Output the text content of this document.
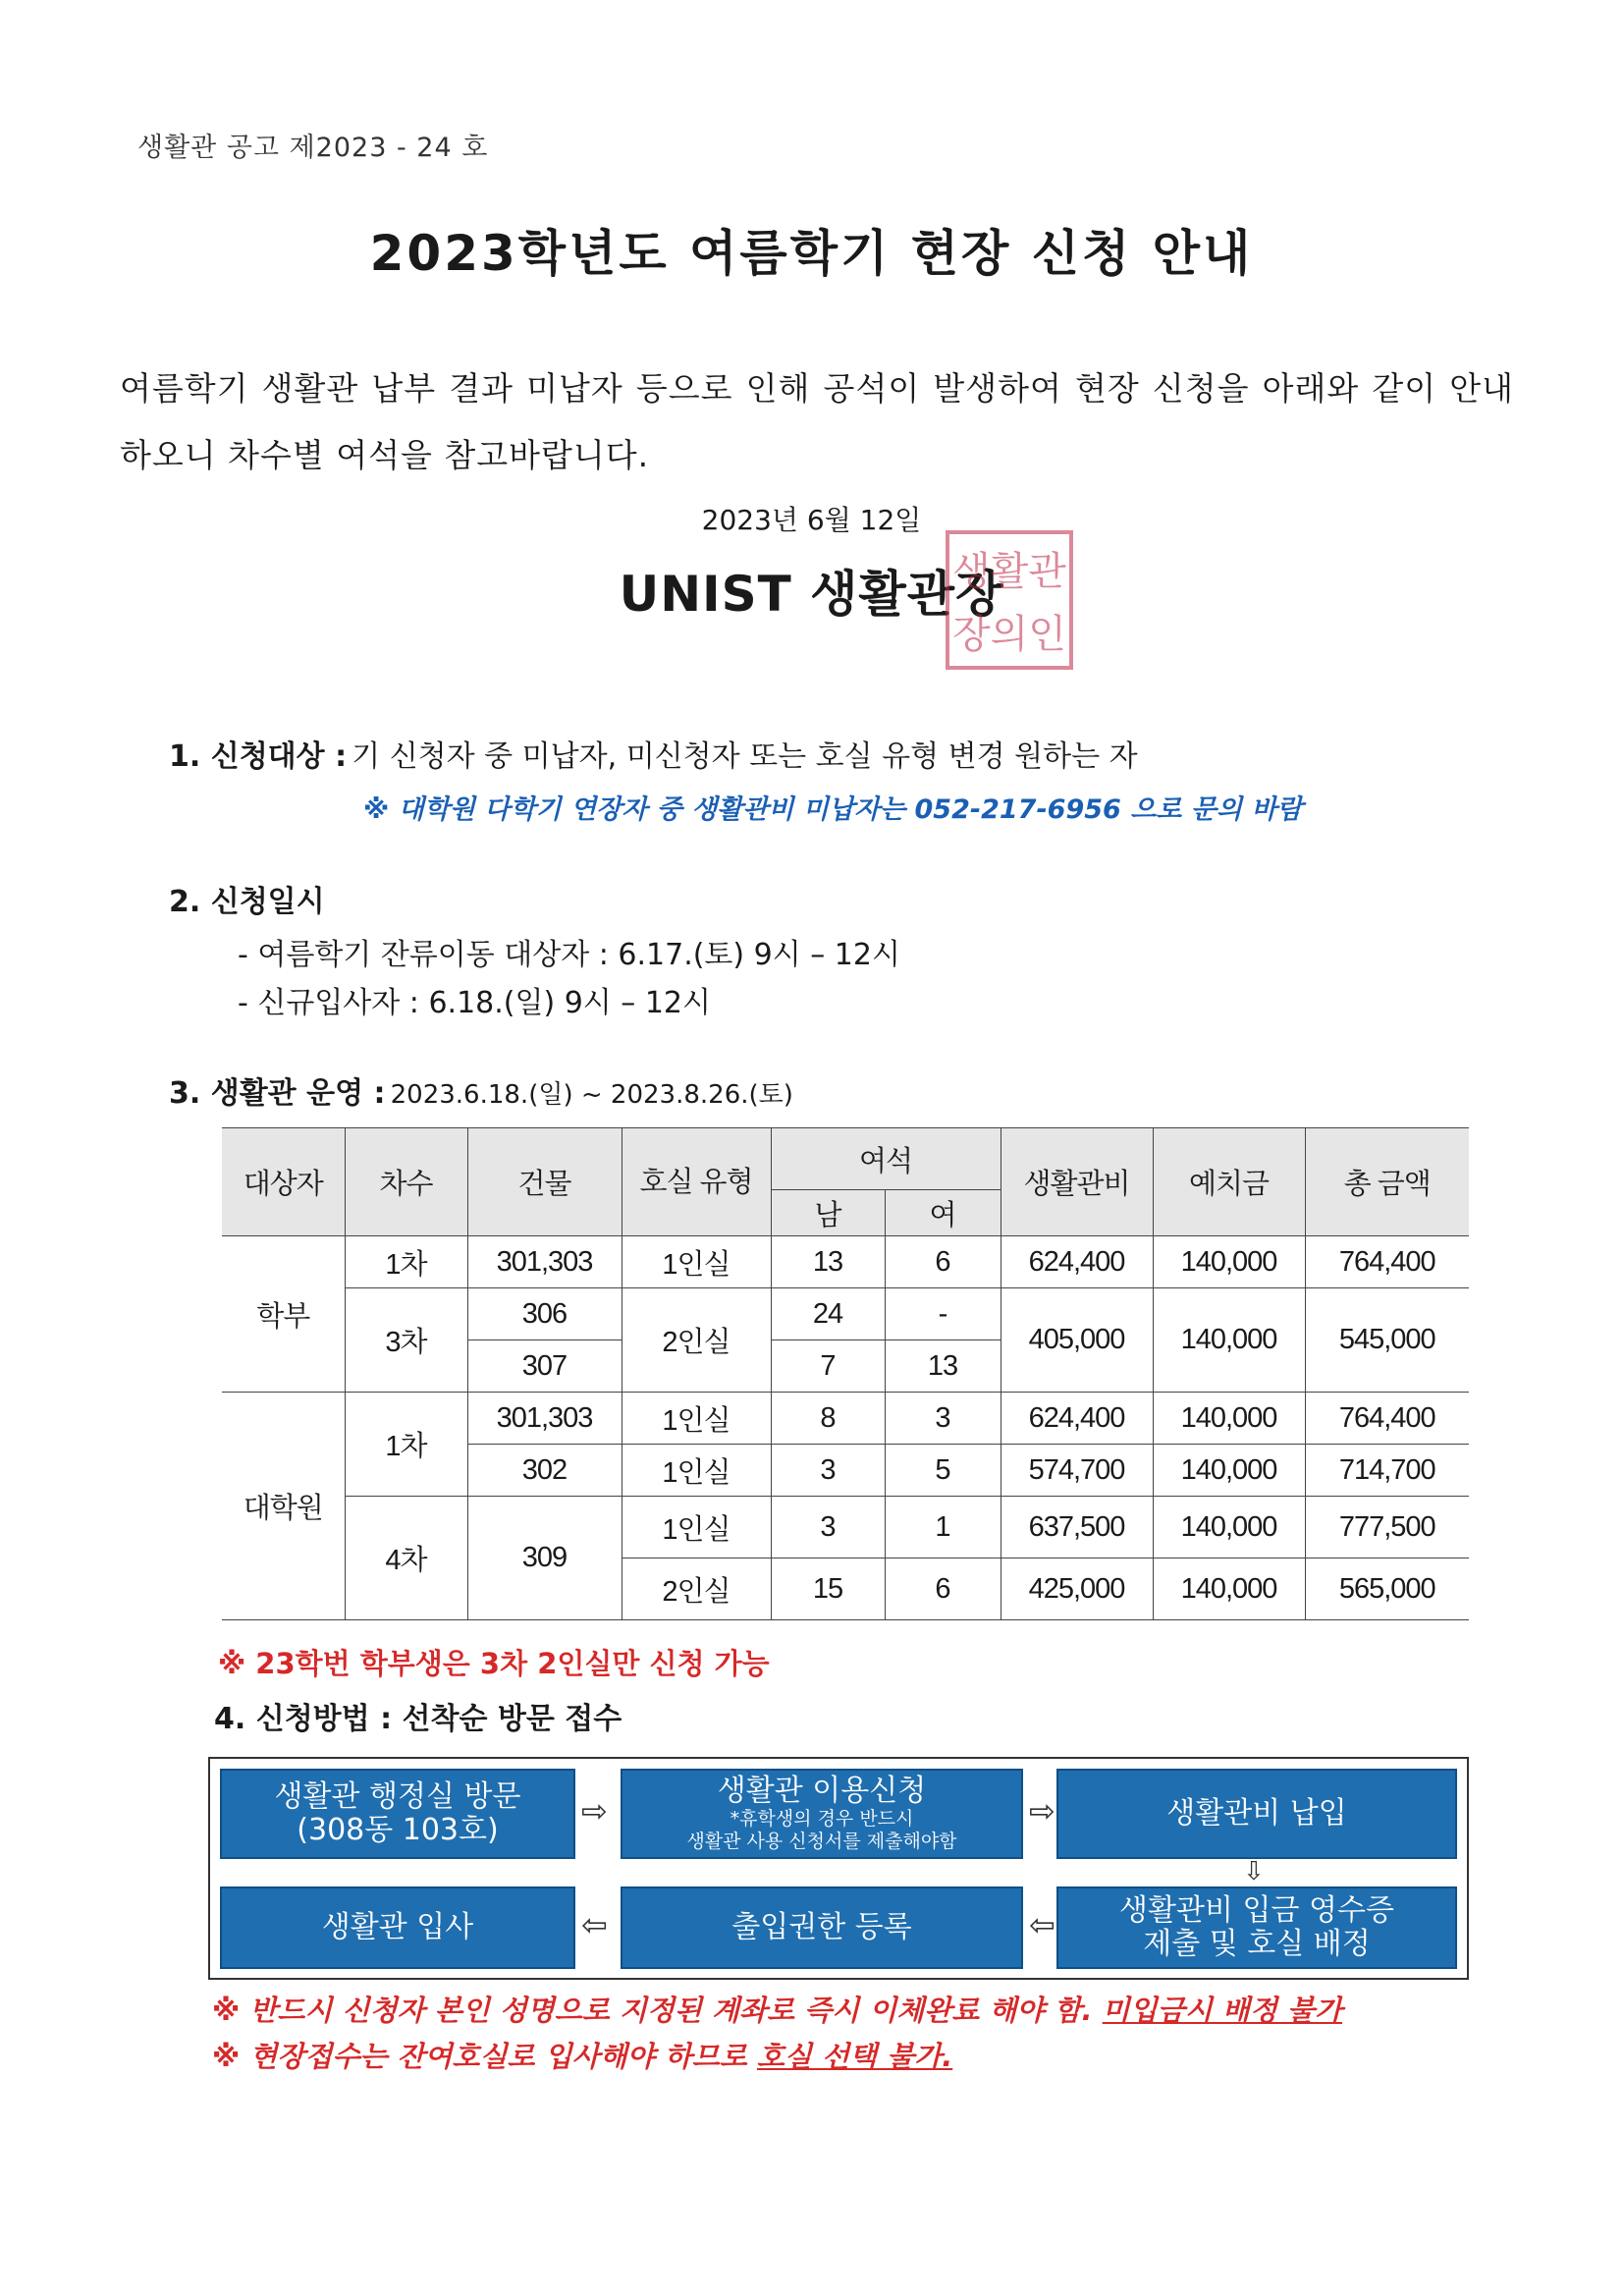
생활관 공고 제2023 - 24 호
2023학년도 여름학기 현장 신청 안내
여름학기 생활관 납부 결과 미납자 등으로 인해 공석이 발생하여 현장 신청을 아래와 같이 안내하오니 차수별 여석을 참고바랍니다.
2023년 6월 12일
UNIST 생활관장
생활관장의인
1. 신청대상 : 기 신청자 중 미납자, 미신청자 또는 호실 유형 변경 원하는 자
※ 대학원 다학기 연장자 중 생활관비 미납자는 052-217-6956 으로 문의 바람
2. 신청일시
- 여름학기 잔류이동 대상자 : 6.17.(토) 9시 – 12시
- 신규입사자 : 6.18.(일) 9시 – 12시
3. 생활관 운영 : 2023.6.18.(일) ~ 2023.8.26.(토)
대상자	차수	건물	호실 유형	여석		생활관비	예치금	총 금액
				남	여			
학부	1차	301,303	1인실	13	6	624,400	140,000	764,400
	3차	306	2인실	24	-	405,000	140,000	545,000
		307		7	13			
대학원	1차	301,303	1인실	8	3	624,400	140,000	764,400
		302	1인실	3	5	574,700	140,000	714,700
	4차	309	1인실	3	1	637,500	140,000	777,500
			2인실	15	6	425,000	140,000	565,000
※ 23학번 학부생은 3차 2인실만 신청 가능
4. 신청방법 : 선착순 방문 접수
생활관 행정실 방문
(308동 103호)
⇨
생활관 이용신청
*휴학생의 경우 반드시
생활관 사용 신청서를 제출해야함
⇨	생활관비 납입
⇩
생활관비 입금 영수증
제출 및 호실 배정
⇦
출입권한 등록
⇦
생활관 입사
※ 반드시 신청자 본인 성명으로 지정된 계좌로 즉시 이체완료 해야 함. 미입금시 배정 불가
※ 현장접수는 잔여호실로 입사해야 하므로 호실 선택 불가.
